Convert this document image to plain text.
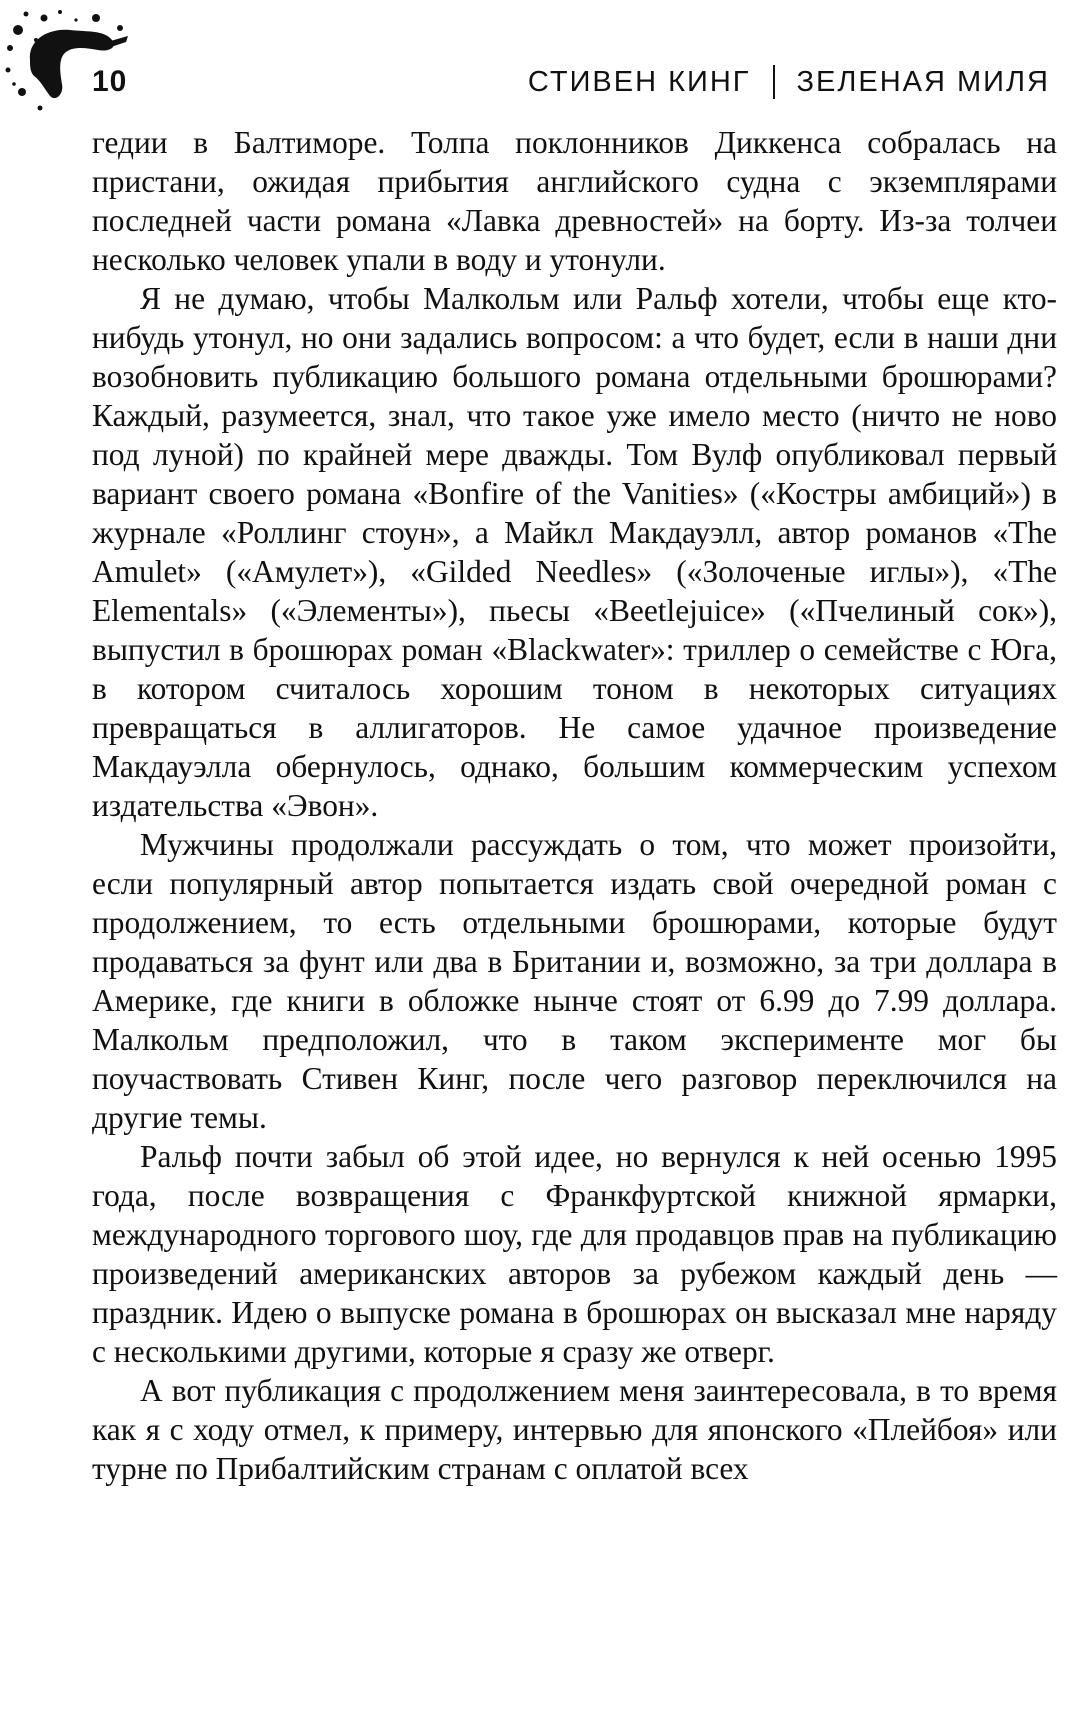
10	СТИВЕН КИНГ ЗЕЛЕНАЯ МИЛЯ

гедии в Балтиморе. Толпа поклонников Диккенса собралась на пристани, ожидая прибытия английского судна с экземплярами последней части романа «Лавка древностей» на борту. Из-за толчеи несколько человек упали в воду и утонули.

Я не думаю, чтобы Малкольм или Ральф хотели, чтобы еще кто-нибудь утонул, но они задались вопросом: а что будет, если в наши дни возобновить публикацию большого романа отдельными брошюрами? Каждый, разумеется, знал, что такое уже имело место (ничто не ново под луной) по крайней мере дважды. Том Вулф опубликовал первый вариант своего романа «Bonfire of the Vanities» («Костры амбиций») в журнале «Роллинг стоун», а Майкл Макдауэлл, автор романов «The Amulet» («Амулет»), «Gilded Needles» («Золоченые иглы»), «The Elementals» («Элементы»), пьесы «Beetlejuice» («Пчелиный сок»), выпустил в брошюрах роман «Blackwater»: триллер о семействе с Юга, в котором считалось хорошим тоном в некоторых ситуациях превращаться в аллигаторов. Не самое удачное произведение Макдауэлла обернулось, однако, большим коммерческим успехом издательства «Эвон».

Мужчины продолжали рассуждать о том, что может произойти, если популярный автор попытается издать свой очередной роман с продолжением, то есть отдельными брошюрами, которые будут продаваться за фунт или два в Британии и, возможно, за три доллара в Америке, где книги в обложке нынче стоят от 6.99 до 7.99 доллара. Малкольм предположил, что в таком эксперименте мог бы поучаствовать Стивен Кинг, после чего разговор переключился на другие темы.

Ральф почти забыл об этой идее, но вернулся к ней осенью 1995 года, после возвращения с Франкфуртской книжной ярмарки, международного торгового шоу, где для продавцов прав на публикацию произведений американских авторов за рубежом каждый день — праздник. Идею о выпуске романа в брошюрах он высказал мне наряду с несколькими другими, которые я сразу же отверг.

А вот публикация с продолжением меня заинтересовала, в то время как я с ходу отмел, к примеру, интервью для японского «Плейбоя» или турне по Прибалтийским странам с оплатой всех
